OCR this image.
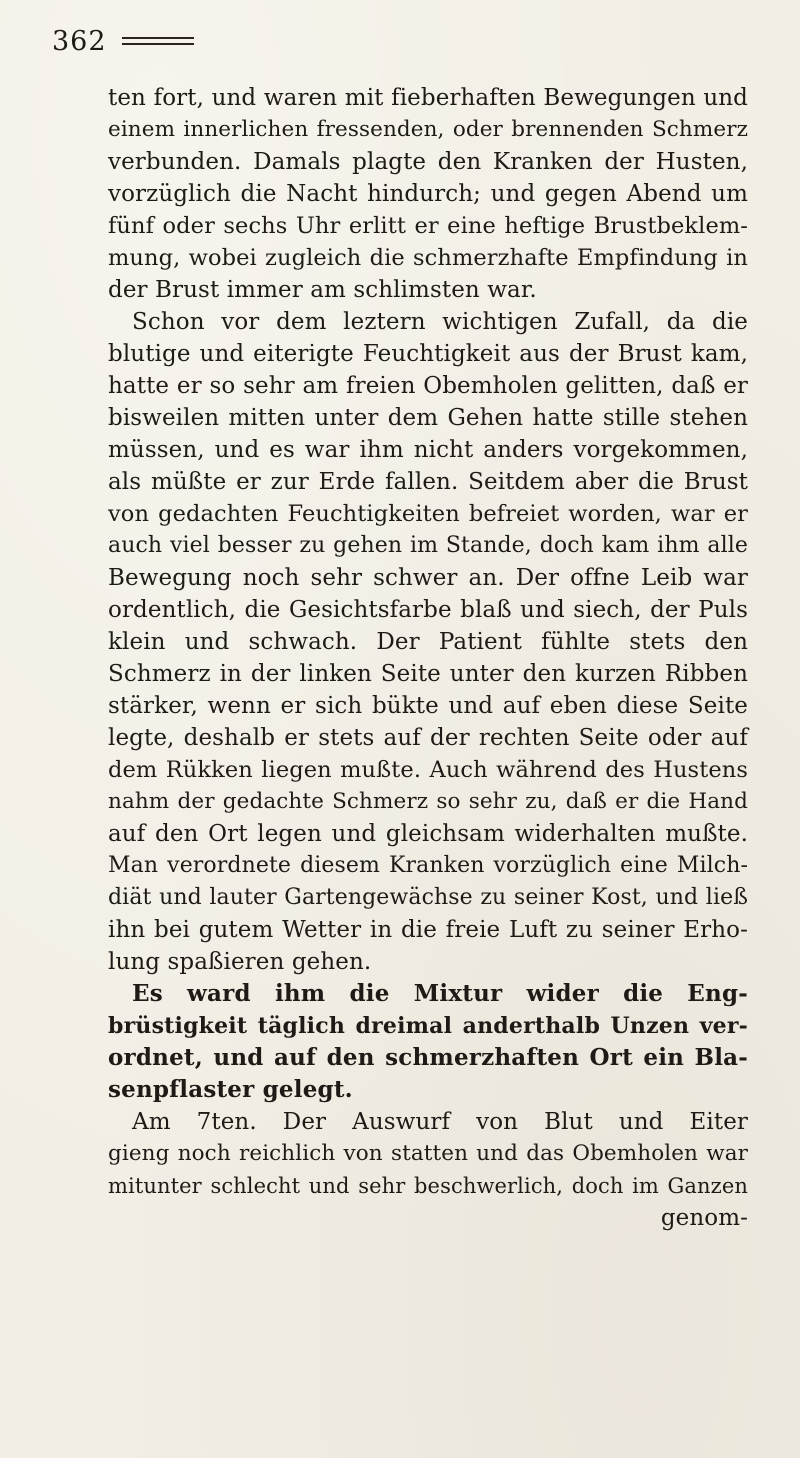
362
ten fort, und waren mit fieberhaften Bewegungen und
einem innerlichen fressenden, oder brennenden Schmerz
verbunden. Damals plagte den Kranken der Husten,
vorzüglich die Nacht hindurch; und gegen Abend um
fünf oder sechs Uhr erlitt er eine heftige Brustbeklem-
mung, wobei zugleich die schmerzhafte Empfindung in
der Brust immer am schlimsten war.
Schon vor dem leztern wichtigen Zufall, da die
blutige und eiterigte Feuchtigkeit aus der Brust kam,
hatte er so sehr am freien Obemholen gelitten, daß er
bisweilen mitten unter dem Gehen hatte stille stehen
müssen, und es war ihm nicht anders vorgekommen,
als müßte er zur Erde fallen. Seitdem aber die Brust
von gedachten Feuchtigkeiten befreiet worden, war er
auch viel besser zu gehen im Stande, doch kam ihm alle
Bewegung noch sehr schwer an. Der offne Leib war
ordentlich, die Gesichtsfarbe blaß und siech, der Puls
klein und schwach. Der Patient fühlte stets den
Schmerz in der linken Seite unter den kurzen Ribben
stärker, wenn er sich bükte und auf eben diese Seite
legte, deshalb er stets auf der rechten Seite oder auf
dem Rükken liegen mußte. Auch während des Hustens
nahm der gedachte Schmerz so sehr zu, daß er die Hand
auf den Ort legen und gleichsam widerhalten mußte.
Man verordnete diesem Kranken vorzüglich eine Milch-
diät und lauter Gartengewächse zu seiner Kost, und ließ
ihn bei gutem Wetter in die freie Luft zu seiner Erho-
lung spaßieren gehen.
Es ward ihm die Mixtur wider die Eng-
brüstigkeit täglich dreimal anderthalb Unzen ver-
ordnet, und auf den schmerzhaften Ort ein Bla-
senpflaster gelegt.
Am 7ten. Der Auswurf von Blut und Eiter
gieng noch reichlich von statten und das Obemholen war
mitunter schlecht und sehr beschwerlich, doch im Ganzen
genom-
